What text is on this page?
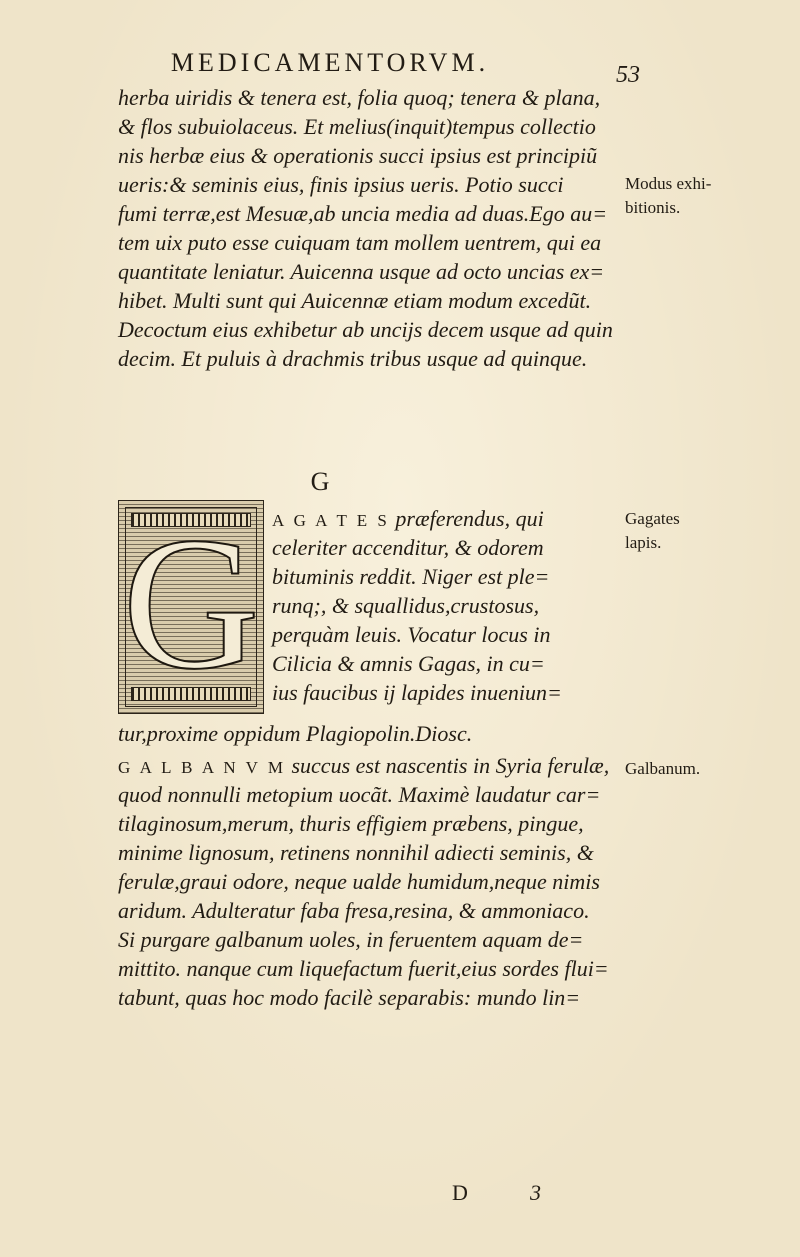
MEDICAMENTORVM.	53
herba uiridis & tenera est, folia quoq; tenera & plana,
& flos subuiolaceus. Et melius(inquit)tempus collectio
nis herbæ eius & operationis succi ipsius est principiũ
ueris:& seminis eius, finis ipsius ueris. Potio succi
fumi terræ,est Mesuæ,ab uncia media ad duas.Ego au=
tem uix puto esse cuiquam tam mollem uentrem, qui ea
quantitate leniatur. Auicenna usque ad octo uncias ex=
hibet. Multi sunt qui Auicennæ etiam modum excedũt.
Decoctum eius exhibetur ab uncijs decem usque ad quin
decim. Et puluis à drachmis tribus usque ad quinque.
Modus exhi-
bitionis.
G
G A G A T E S præferendus, qui
celeriter accenditur, & odorem
bituminis reddit. Niger est ple=
runq;, & squallidus,crustosus,
perquàm leuis. Vocatur locus in
Cilicia & amnis Gagas, in cu=
ius faucibus ij lapides inueniun=
Gagates
lapis.
tur,proxime oppidum Plagiopolin.Diosc.
G A L B A N V M succus est nascentis in Syria ferulæ, Galbanum.
quod nonnulli metopium uocãt. Maximè laudatur car=
tilaginosum,merum, thuris effigiem præbens, pingue,
minime lignosum, retinens nonnihil adiecti seminis, &
ferulæ,graui odore, neque ualde humidum,neque nimis
aridum. Adulteratur faba fresa,resina, & ammoniaco.
Si purgare galbanum uoles, in feruentem aquam de=
mittito. nanque cum liquefactum fuerit,eius sordes flui=
tabunt, quas hoc modo facilè separabis: mundo lin=
D	3
